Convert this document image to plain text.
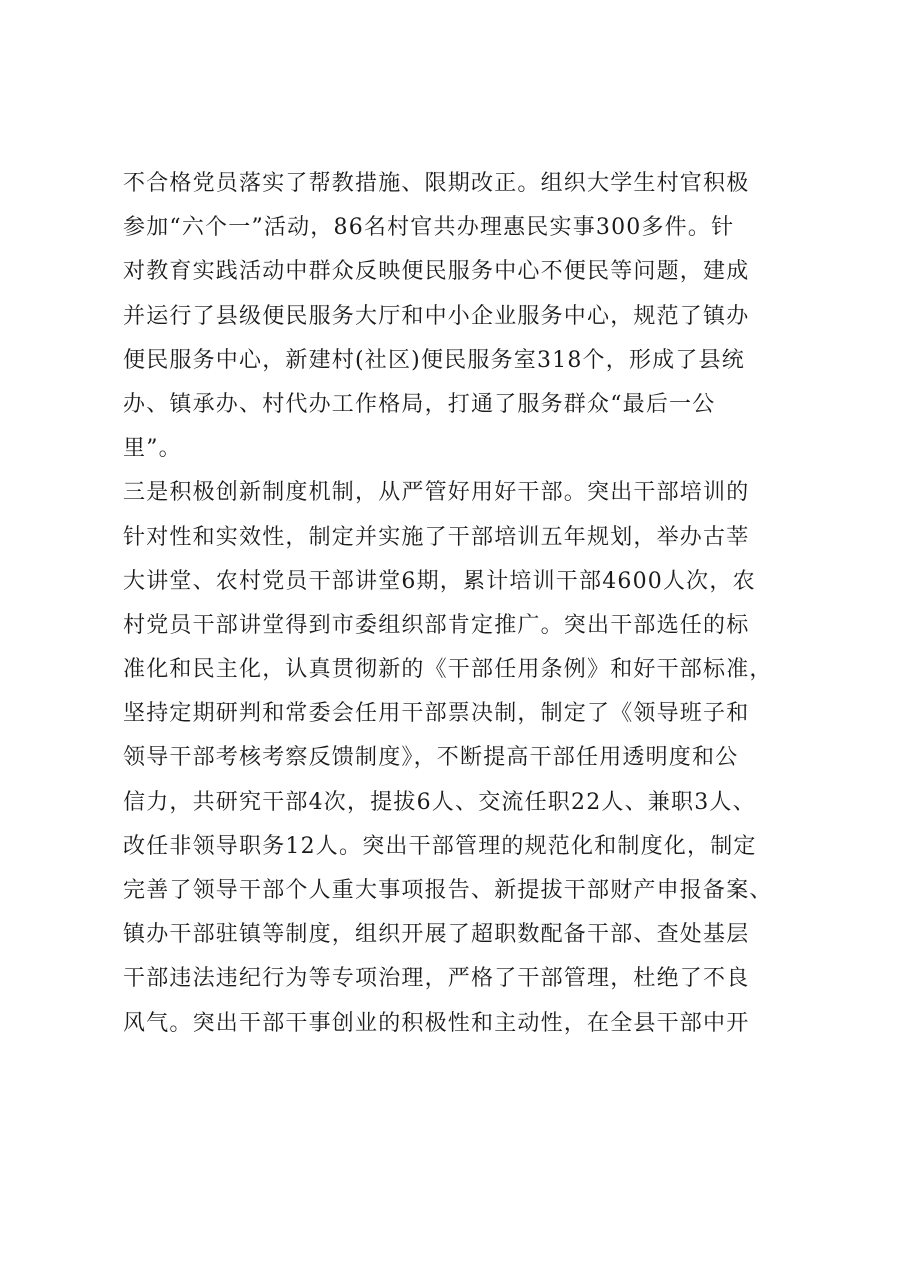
不合格党员落实了帮教措施、限期改正。组织大学生村官积极
参加“六个一”活动，86名村官共办理惠民实事300多件。针
对教育实践活动中群众反映便民服务中心不便民等问题，建成
并运行了县级便民服务大厅和中小企业服务中心，规范了镇办
便民服务中心，新建村(社区)便民服务室318个，形成了县统
办、镇承办、村代办工作格局，打通了服务群众“最后一公
里”。
三是积极创新制度机制，从严管好用好干部。突出干部培训的
针对性和实效性，制定并实施了干部培训五年规划，举办古莘
大讲堂、农村党员干部讲堂6期，累计培训干部4600人次，农
村党员干部讲堂得到市委组织部肯定推广。突出干部选任的标
准化和民主化，认真贯彻新的《干部任用条例》和好干部标准，
坚持定期研判和常委会任用干部票决制，制定了《领导班子和
领导干部考核考察反馈制度》，不断提高干部任用透明度和公
信力，共研究干部4次，提拔6人、交流任职22人、兼职3人、
改任非领导职务12人。突出干部管理的规范化和制度化，制定
完善了领导干部个人重大事项报告、新提拔干部财产申报备案、
镇办干部驻镇等制度，组织开展了超职数配备干部、查处基层
干部违法违纪行为等专项治理，严格了干部管理，杜绝了不良
风气。突出干部干事创业的积极性和主动性，在全县干部中开
